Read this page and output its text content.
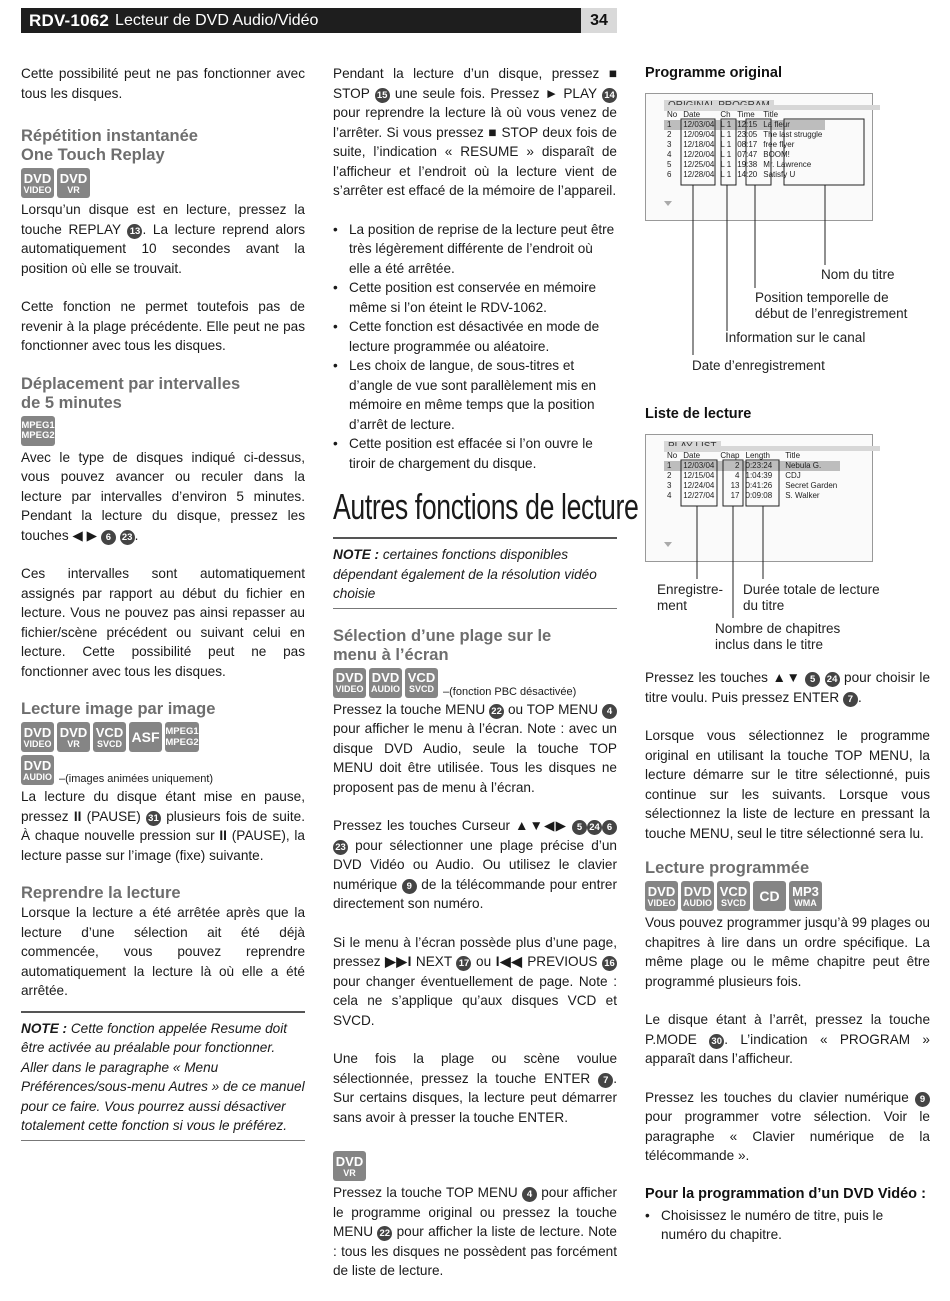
RDV-1062 Lecteur de DVD Audio/Vidéo	34

Cette possibilité peut ne pas fonctionner avec tous les disques.

Répétition instantanée
One Touch Replay
DVD
VIDEO
DVD
VR

Lorsqu’un disque est en lecture, pressez la touche REPLAY 13 . La lecture reprend alors automatiquement 10 secondes avant la position où elle se trouvait.

Cette fonction ne permet toutefois pas de revenir à la plage précédente. Elle peut ne pas fonctionner avec tous les disques.

Déplacement par intervalles
de 5 minutes
MPEG1
MPEG2

Avec le type de disques indiqué ci-dessus, vous pouvez avancer ou reculer dans la lecture par intervalles d’environ 5 minutes. Pendant la lecture du disque, pressez les touches ◀ ▶ 6 23 .

Ces intervalles sont automatiquement assignés par rapport au début du fichier en lecture. Vous ne pouvez pas ainsi repasser au fichier/scène précédent ou suivant celui en lecture. Cette possibilité peut ne pas fonctionner avec tous les disques.

Lecture image par image
DVD
VIDEO
DVD
VR
VCD
SVCD ASF MPEG1
MPEG2
DVD
AUDIO –(images animées uniquement)

La lecture du disque étant mise en pause, pressez II (PAUSE) 31 plusieurs fois de suite. À chaque nouvelle pression sur II (PAUSE), la lecture passe sur l’image (fixe) suivante.

Reprendre la lecture

Lorsque la lecture a été arrêtée après que la lecture d’une sélection ait été déjà commencée, vous pouvez reprendre automatiquement la lecture là où elle a été arrêtée.

NOTE : Cette fonction appelée Resume doit être activée au préalable pour fonctionner. Aller dans le paragraphe « Menu Préférences/sous-menu Autres » de ce manuel pour ce faire. Vous pourrez aussi désactiver totalement cette fonction si vous le préférez.

Pendant la lecture d’un disque, pressez ■ STOP 15 une seule fois. Pressez ► PLAY 14 pour reprendre la lecture là où vous venez de l’arrêter. Si vous pressez ■ STOP deux fois de suite, l’indication « RESUME » disparaît de l’afficheur et l’endroit où la lecture vient de s’arrêter est effacé de la mémoire de l’appareil.

• La position de reprise de la lecture peut être très légèrement différente de l’endroit où elle a été arrêtée.
• Cette position est conservée en mémoire même si l’on éteint le RDV-1062.
• Cette fonction est désactivée en mode de lecture programmée ou aléatoire.
• Les choix de langue, de sous-titres et d’angle de vue sont parallèlement mis en mémoire en même temps que la position d’arrêt de lecture.
• Cette position est effacée si l’on ouvre le tiroir de chargement du disque.
Autres fonctions de lecture
NOTE : certaines fonctions disponibles dépendant également de la résolution vidéo choisie
Sélection d’une plage sur le
menu à l’écran
DVD
VIDEO
DVD
AUDIO
VCD
SVCD –(fonction PBC désactivée)

Pressez la touche MENU 22 ou TOP MENU 4 pour afficher le menu à l’écran. Note : avec un disque DVD Audio, seule la touche TOP MENU doit être utilisée. Tous les disques ne proposent pas de menu à l’écran.

Pressez les touches Curseur ▲▼◀▶ 5 24 623 pour sélectionner une plage précise d’un DVD Vidéo ou Audio. Ou utilisez le clavier numérique 9 de la télécommande pour entrer directement son numéro.

Si le menu à l’écran possède plus d’une page, pressez ▶▶I NEXT 17 ou I◀◀ PREVIOUS 16 pour changer éventuellement de page. Note : cela ne s’applique qu’aux disques VCD et SVCD.

Une fois la plage ou scène voulue sélectionnée, pressez la touche ENTER 7 . Sur certains disques, la lecture peut démarrer sans avoir à presser la touche ENTER.

DVD
VR

Pressez la touche TOP MENU 4 pour afficher le programme original ou pressez la touche MENU 22 pour afficher la liste de lecture. Note : tous les disques ne possèdent pas forcément de liste de lecture.

Programme original
No	Date	Ch	Time	Title
1	12/03/04	L 1	12:15	La fleur
2	12/09/04	L 1	23:05	The last struggle
3	12/18/04	L 1	08:17	free flyer
4	12/20/04	L 1	07:47	BOOM!
5	12/25/04	L 1	19:38	Mr. Lawrence
6	12/28/04	L 1	14:20	Satisfy U
Nom du titre
Position temporelle de
début de l’enregistrement
Information sur le canal
Date d’enregistrement
Liste de lecture
No	Date	Chap	Length	Title
1	12/03/04	2	0:23:24	Nebula G.
2	12/15/04	4	1:04:39	CDJ
3	12/24/04	13	0:41:26	Secret Garden
4	12/27/04	17	0:09:08	S. Walker
Enregistre-
ment
Durée totale de lecture
du titre
Nombre de chapitres
inclus dans le titre

Pressez les touches ▲▼ 5 24 pour choisir le titre voulu. Puis pressez ENTER 7 .

Lorsque vous sélectionnez le programme original en utilisant la touche TOP MENU, la lecture démarre sur le titre sélectionné, puis continue sur les suivants. Lorsque vous sélectionnez la liste de lecture en pressant la touche MENU, seul le titre sélectionné sera lu.

Lecture programmée
DVD
VIDEO
DVD
AUDIO
VCD
SVCD CD MP3
WMA

Vous pouvez programmer jusqu’à 99 plages ou chapitres à lire dans un ordre spécifique. La même plage ou le même chapitre peut être programmé plusieurs fois.

Le disque étant à l’arrêt, pressez la touche P.MODE 30 . L’indication « PROGRAM » apparaît dans l’afficheur.

Pressez les touches du clavier numérique 9 pour programmer votre sélection. Voir le paragraphe « Clavier numérique de la télécommande ».

Pour la programmation d’un DVD Vidéo :
• Choisissez le numéro de titre, puis le numéro du chapitre.
